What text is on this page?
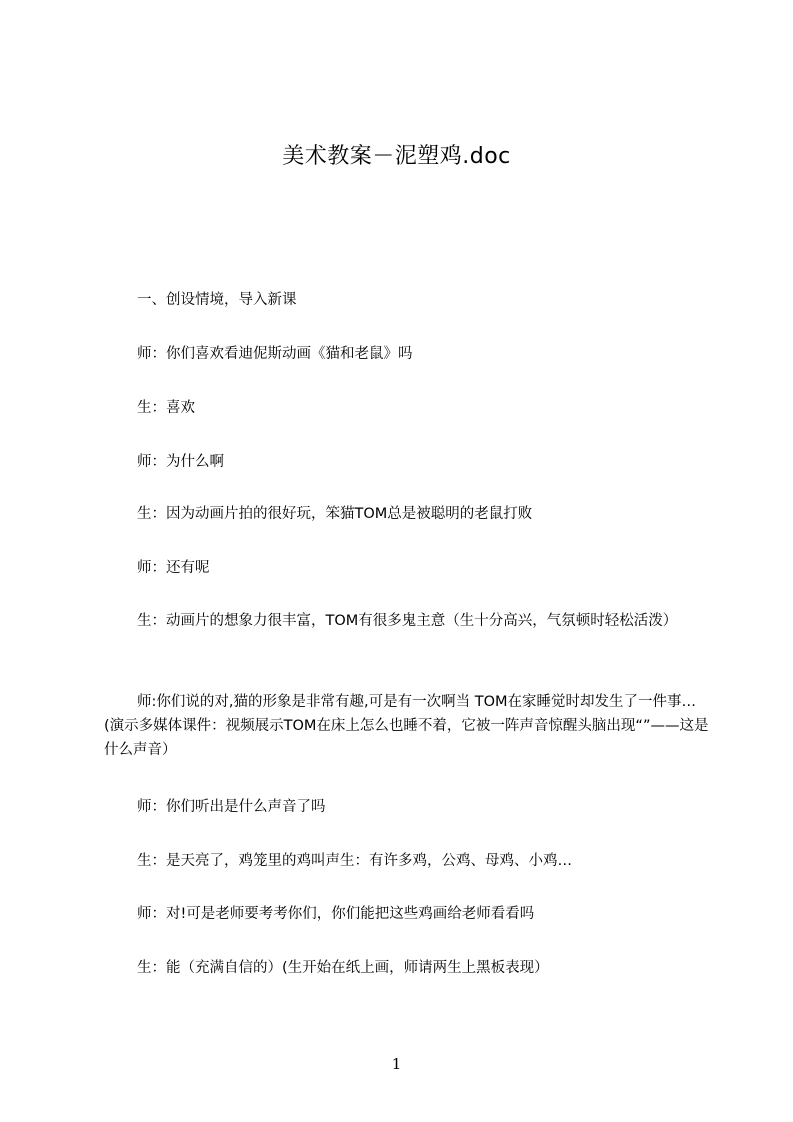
美术教案－泥塑鸡.doc
一、创设情境，导入新课
师：你们喜欢看迪伲斯动画《猫和老鼠》吗
生：喜欢
师：为什么啊
生：因为动画片拍的很好玩，笨猫TOM总是被聪明的老鼠打败
师：还有呢
生：动画片的想象力很丰富，TOM有很多鬼主意（生十分高兴，气氛顿时轻松活泼）
师:你们说的对,猫的形象是非常有趣,可是有一次啊当 TOM在家睡觉时却发生了一件事…(演示多媒体课件：视频展示TOM在床上怎么也睡不着，它被一阵声音惊醒头脑出现“”——这是什么声音）
师：你们听出是什么声音了吗
生：是天亮了，鸡笼里的鸡叫声生：有许多鸡，公鸡、母鸡、小鸡…
师：对!可是老师要考考你们，你们能把这些鸡画给老师看看吗
生：能（充满自信的）(生开始在纸上画，师请两生上黑板表现）
1
